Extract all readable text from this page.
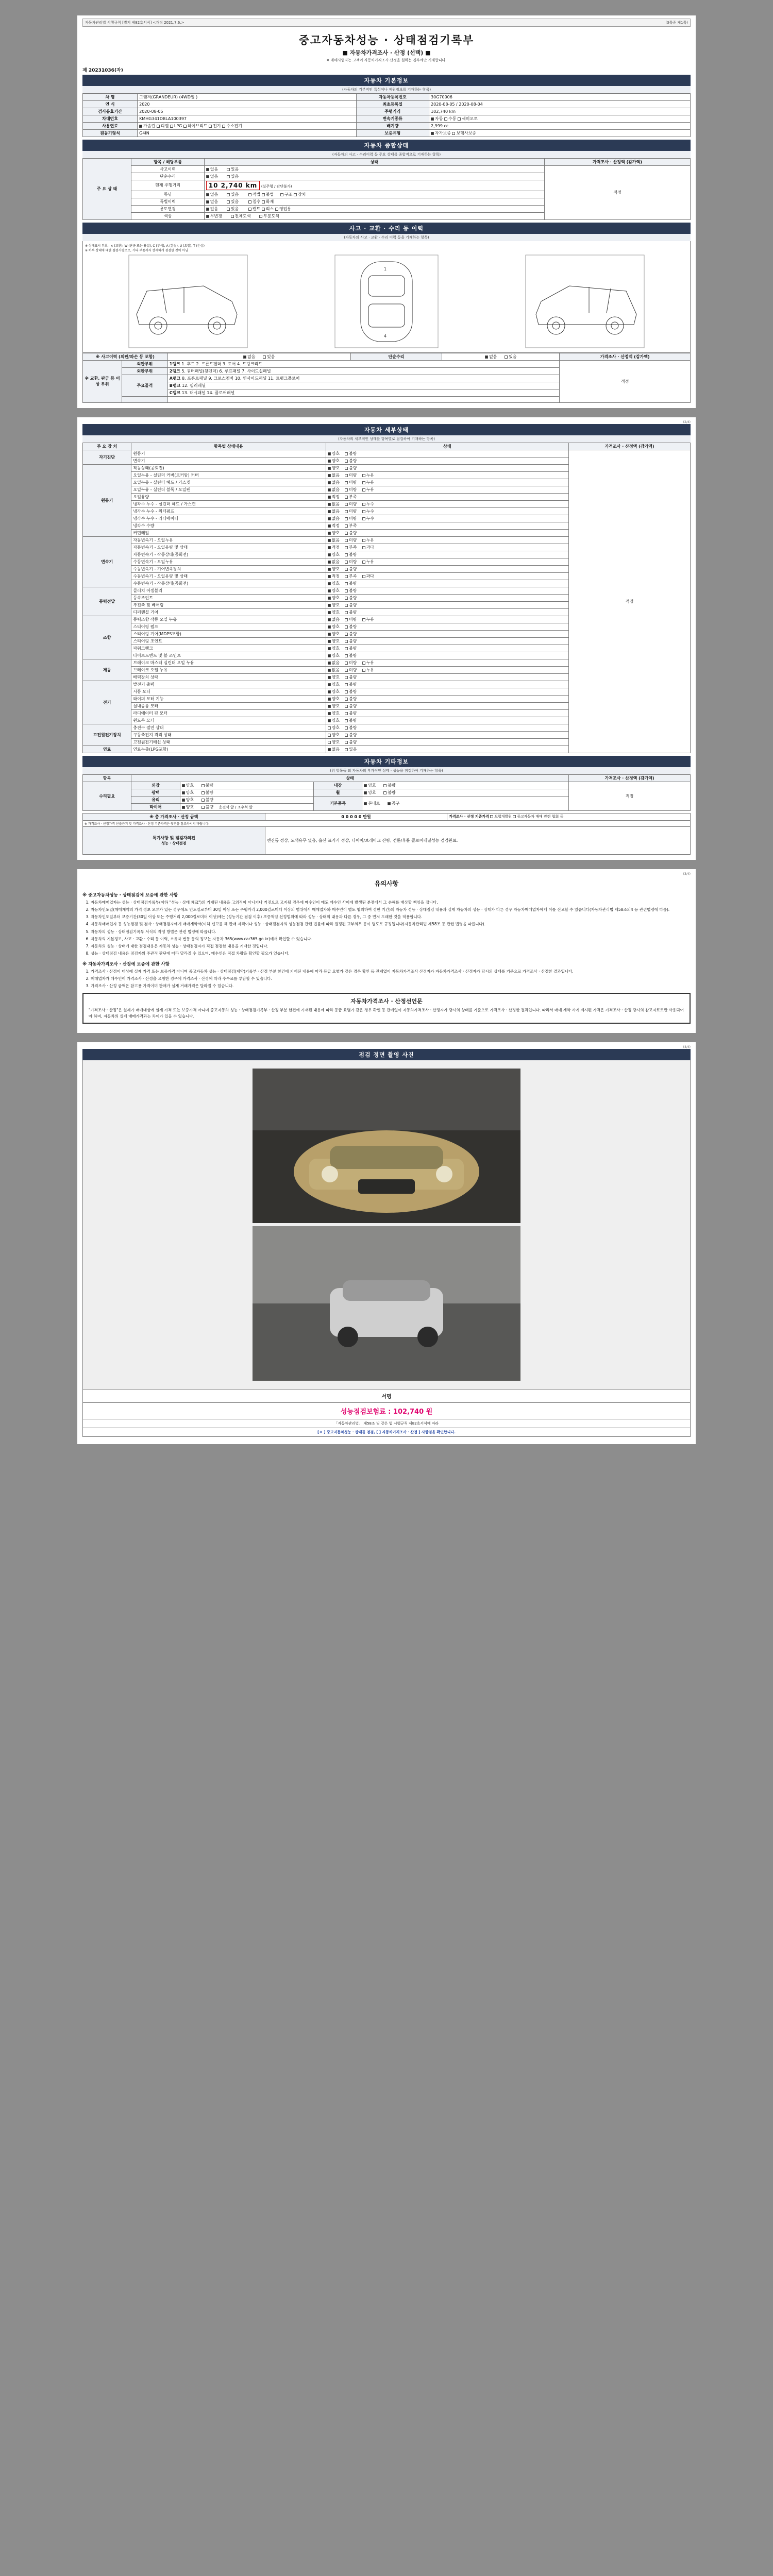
자동차관리법 시행규칙 [별지 제82호서식] <개정 2021.7.6.>	(3쪽중 제1쪽)
중고자동차성능 · 상태점검기록부
■ 자동차가격조사 · 산정 (선택) ■
※ 매매사업자는 고객이 자동차가격조사·산정을 원하는 경우에만 기재합니다.
제 20231036(자)
자동차 기본정보
(자동차의 기본적인 특성이나 제원정보를 기재하는 항목)
차 명	그랜저(GRANDEUR) (4WD일 )	자동차등록번호	30G70006
연 식	2020	최초등록일	2020-08-05 / 2020-08-04
검사유효기간	2020-08-05	주행거리	102,740 km
차대번호	KMHG341DBLA100397	변속기종류	자동 수동 세미오토
사용연료	가솔린 디젤 LPG 하이브리드 전기 수소전기	배기량	2,999 cc
원동기형식	G4IN	보증유형	자가보증 보험사보증
자동차 종합상태
(자동차의 사고 · 수리이력 등 주요 상태를 종합적으로 기재하는 항목)
주 요 상 태	항목 / 해당부품	상태	가격조사 · 산정액 (감가액)
	사고이력	없음 있음	적정
	단순수리	없음 있음	
	현재 주행거리	10 2,740 km (실주행 / 판단불가)	
	튜닝	없음 있음 적법 불법 구조 장치	
	특별이력	없음 있음 침수 화재	
	용도변경	없음 있음 렌트 리스 영업용	
	색상	무변경 전체도색 부분도색	
사고 · 교환 · 수리 등 이력
(자동차의 사고 · 교환 · 수리 이력 등을 기재하는 항목)
※ 상태표시 부호 : ⨯ (교환), W (판금 또는 용접), C (부식), A (흠집), U (요철), T (손상)
※ 하부 상태에 대한 점검사항으로, 기타 부품까지 상세하게 점검한 것이 아님
1
4
※ 사고이력 (외판/파손 등 포함)		없음 있음	단순수리	없음 있음	가격조사 · 산정액 (감가액)
※ 교환, 판금 등 이상 부위	외판부위	1랭크 1. 후드 2. 프론트펜더 3. 도어 4. 트렁크리드			적정
	외판부위	2랭크 5. 쿼터패널(뒷펜더) 6. 루프패널 7. 사이드실패널			
	주요골격	A랭크 8. 프론트패널 9. 크로스멤버 10. 인사이드패널 11. 트렁크플로어			
		B랭크 12. 필러패널			
		C랭크 13. 대시패널 14. 플로어패널			

(2/4)
자동차 세부상태
(자동차의 세부적인 상태를 항목별로 점검하여 기재하는 항목)
주 요 장 치	항목별 상태내용	상태	가격조사 · 산정액 (감가액)
자기진단	원동기	양호 불량	적정
	변속기	양호 불량	
원동기	작동상태(공회전)	양호 불량	
	오일누유 - 실린더 커버(로커암) 커버	없음 미량 누유	
	오일누유 - 실린더 헤드 / 가스켓	없음 미량 누유	
	오일누유 - 실린더 블록 / 오일팬	없음 미량 누유	
	오일유량	적정 부족	
	냉각수 누수 - 실린더 헤드 / 가스켓	없음 미량 누수	
	냉각수 누수 - 워터펌프	없음 미량 누수	
	냉각수 누수 - 라디에이터	없음 미량 누수	
	냉각수 수량	적정 부족	
	커먼레일	양호 불량	
변속기	자동변속기 - 오일누유	없음 미량 누유	
	자동변속기 - 오일유량 및 상태	적정 부족 과다	
	자동변속기 - 작동상태(공회전)	양호 불량	
	수동변속기 - 오일누유	없음 미량 누유	
	수동변속기 - 기어변속장치	양호 불량	
	수동변속기 - 오일유량 및 상태	적정 부족 과다	
	수동변속기 - 작동상태(공회전)	양호 불량	
동력전달	클러치 어셈블리	양호 불량	
	등속조인트	양호 불량	
	추진축 및 베어링	양호 불량	
	디퍼렌셜 기어	양호 불량	
조향	동력조향 작동 오일 누유	없음 미량 누유	
	스티어링 펌프	양호 불량	
	스티어링 기어(MDPS포함)	양호 불량	
	스티어링 조인트	양호 불량	
	파워크랭크	양호 불량	
	타이로드엔드 및 볼 조인트	양호 불량	
제동	브레이크 마스터 실린더 오일 누유	없음 미량 누유	
	브레이크 오일 누유	없음 미량 누유	
	배력장치 상태	양호 불량	
전기	발전기 출력	양호 불량	
	시동 모터	양호 불량	
	와이퍼 모터 기능	양호 불량	
	실내송풍 모터	양호 불량	
	라디에이터 팬 모터	양호 불량	
	윈도우 모터	양호 불량	
고전원전기장치	충전구 절연 상태	양호 불량	
	구동축전지 격리 상태	양호 불량	
	고전원전기배선 상태	양호 불량	
연료	연료누출(LPG포함)	없음 있음	
자동차 기타정보
(위 항목들 외 자동차의 부가적인 상태 · 성능을 점검하여 기재하는 항목)
항목	상태				가격조사 · 산정액 (감가액)
수리필요	외장	양호 불량	내장	양호 불량	적정
	광택	양호 불량	휠	양호 불량	
	유리	양호 불량	기본품목	본네트 공구	
	타이어	양호 불량 운전석 앞 / 조수석 앞			
※ 총 가격조사 · 산정 금액	0 0 0 0 0 만원	가격조사 · 산정 기준가격 보험개발원 중고자동차 매매 관련 협회 등
※ 가격조사 · 산정가격 산출근거 및 가격조사 · 산정 기준가격은 뒷면을 참조하시기 바랍니다.		
특기사항 및 점검자의견
성능 · 상태점검	엔진룸 정상, 도색유무 없음, 옵션 표기기 정상, 타이어/브레이크 잔량, 전륜/후륜 플로어패널성능 검검완료.	
(3/4)
유의사항
※ 중고자동차성능 · 상태점검에 보증에 관한 사항
1. 자동차매매업자는 성능 · 상태점검기록부(이하 "성능 · 상태 체크")의 기재된 내용을 고의적이 아니거나 거짓으로 고지될 경우에 매수인이 매도 매수인 사이에 발생된 분쟁에서 그 손해를 배상할 책임을 집니다.
2. 자동차인도일(매매계약의 가격 정보 오류가 있는 경우에도 인도일로부터 30일 이상 또는 주행거리 2,000킬로미터 이상의 범위에서 매매업자와 매수인이 별도 협의하여 정한 기간)의 자동차 성능 · 상태점검 내용과 실제 자동차의 성능 · 상태가 다른 경우 자동차매매업자에게 이를 신고할 수 있습니다(자동차관리법 제58조의4 등 관련법령에 따름).
3. 자동차인도일부터 보증기간(30일 이상 또는 주행거리 2,000킬로미터 이상)에는 (성능기간 점검 이후) 보증책임 선정범위에 따라 성능 · 상태의 내용과 다른 경우, 그 중 먼저 도래한 것을 적용합니다.
4. 자동차매매업자 등 성능점검 및 검사 · 상태점검자에게 매매계약서(이하 신고를 해 판매 자격이나 성능 · 상태점검자의 성능점검 관련 법률에 따라 결정된 교부의무 등이 별도로 규정됩니다(자동차관리법 제58조 등 관련 법령을 따릅니다).
5. 자동차의 성능 · 상태점검기록부 서식의 작성 방법은 관련 법령에 따릅니다.
6. 자동차의 기본정보, 사고 · 교환 · 수리 등 이력, 소유자 변동 등의 정보는 자동차 365(www.car365.go.kr)에서 확인할 수 있습니다.
7. 자동차의 성능 · 상태에 대한 점검내용은 자동차 성능 · 상태점검자가 직접 점검한 내용을 기재한 것입니다.
8. 성능 · 상태점검 내용은 점검자의 주관적 판단에 따라 달라질 수 있으며, 매수인은 직접 차량을 확인할 필요가 있습니다.
※ 자동차가격조사 · 산정에 보증에 관한 사항
1. 가격조사 · 산정이 대상에 실제 가격 또는 보증가격 아니며 중고자동차 성능 · 상태점검(계약)기록부 · 산정 부분 한건에 기재된 내용에 따라 등급 요별가 같은 경우 확인 등 관계없이 자동차가격조사 산정자가 자동차가격조사 · 산정자가 당시의 상태를 기준으로 가격조사 · 산정한 결과입니다.
2. 매매업자가 매수인이 가격조사 · 산정을 요청한 경우에 가격조사 · 산정에 따라 수수료를 부담할 수 있습니다.
3. 가격조사 · 산정 금액은 참고용 가격이며 판매가 실제 거래가격은 달라질 수 있습니다.
자동차가격조사 · 산정선언문
"가격조사 · 산정"은 실제가 매매대상에 실제 가격 또는 보증가격 아니며 중고자동차 성능 · 상태점검기록부 · 산정 부분 한건에 기재된 내용에 따라 등급 요별가 같은 경우 확인 등 관계없이 자동차가격조사 · 산정자가 당시의 상태를 기준으로 가격조사 · 산정한 결과입니다. 따라서 매매 계약 시에 제시된 가격은 가격조사 · 산정 당시의 참고자료로만 사용되어야 하며, 자동차의 실제 매매가격과는 차이가 있을 수 있습니다.
(4/4)
점검 정면 촬영 사진
서명
성능점검보험료 : 102,740 원
「자동차관리법」 제58조 및 같은 법 시행규칙 제82호서식에 따라
[ㅇ ] 중고자동차성능 · 상태를 점검, [ ] 자동차가격조사 · 산정 ] 사항검을 확인합니다.
